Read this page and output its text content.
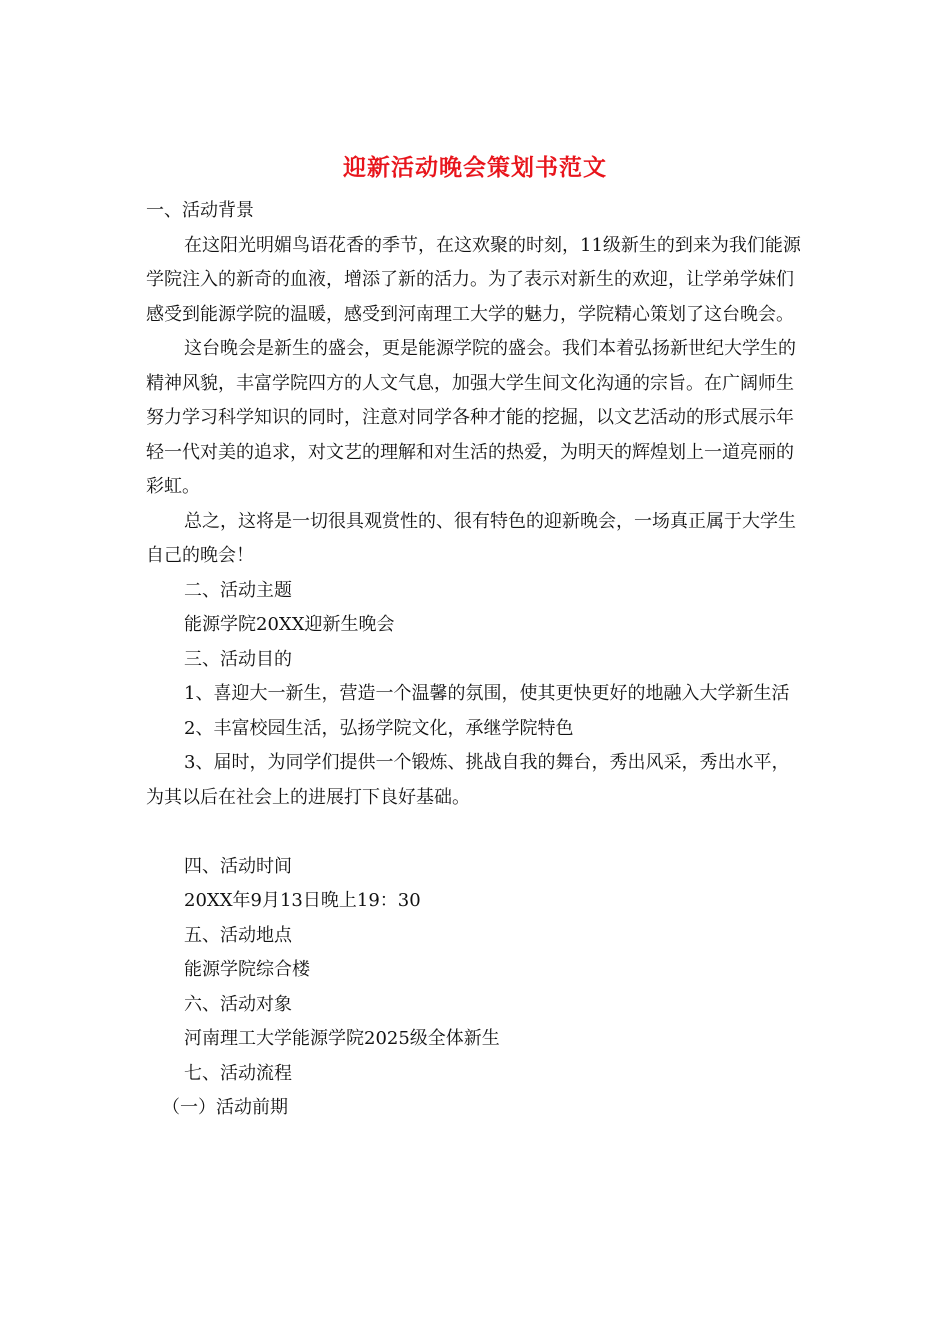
迎新活动晚会策划书范文

一、活动背景

在这阳光明媚鸟语花香的季节，在这欢聚的时刻，11级新生的到来为我们能源学院注入的新奇的血液，增添了新的活力。为了表示对新生的欢迎，让学弟学妹们感受到能源学院的温暖，感受到河南理工大学的魅力，学院精心策划了这台晚会。

这台晚会是新生的盛会，更是能源学院的盛会。我们本着弘扬新世纪大学生的精神风貌，丰富学院四方的人文气息，加强大学生间文化沟通的宗旨。在广阔师生努力学习科学知识的同时，注意对同学各种才能的挖掘，以文艺活动的形式展示年轻一代对美的追求，对文艺的理解和对生活的热爱，为明天的辉煌划上一道亮丽的彩虹。

总之，这将是一切很具观赏性的、很有特色的迎新晚会，一场真正属于大学生自己的晚会！

二、活动主题

能源学院20XX迎新生晚会

三、活动目的

1、喜迎大一新生，营造一个温馨的氛围，使其更快更好的地融入大学新生活

2、丰富校园生活，弘扬学院文化，承继学院特色

3、届时，为同学们提供一个锻炼、挑战自我的舞台，秀出风采，秀出水平，为其以后在社会上的进展打下良好基础。

四、活动时间

20XX年9月13日晚上19：30

五、活动地点

能源学院综合楼

六、活动对象

河南理工大学能源学院2025级全体新生

七、活动流程

（一）活动前期
